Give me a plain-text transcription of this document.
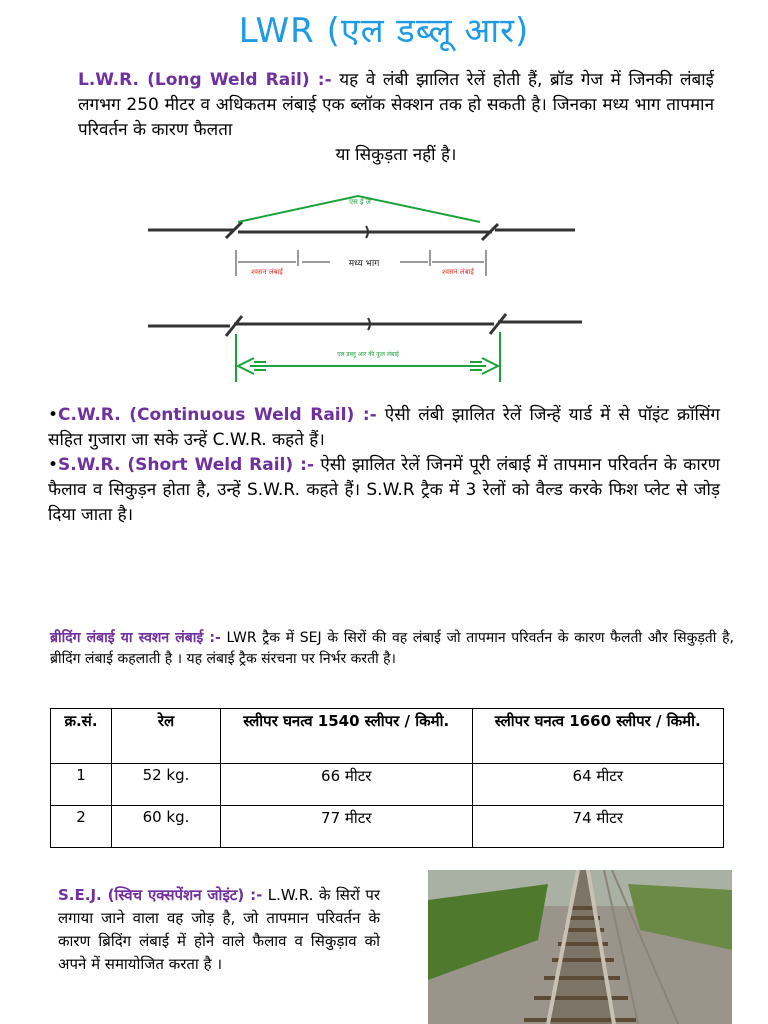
LWR (एल डब्लू आर)
L.W.R. (Long Weld Rail) :- यह वे लंबी झालित रेलें होती हैं, ब्रॉड गेज में जिनकी लंबाई लगभग 250 मीटर व अधिकतम लंबाई एक ब्लॉक सेक्शन तक हो सकती है। जिनका मध्य भाग तापमान परिवर्तन के कारण फैलता
या सिकुड़ता नहीं है।
एस ई जे
श्वसन लंबाई
मध्य भाग
श्वसन लंबाई
एल डब्लू आर की कुल लंबाई

•C.W.R. (Continuous Weld Rail) :- ऐसी लंबी झालित रेलें जिन्हें यार्ड में से पॉइंट क्रॉसिंग सहित गुजारा जा सके उन्हें C.W.R. कहते हैं।

•S.W.R. (Short Weld Rail) :- ऐसी झालित रेलें जिनमें पूरी लंबाई में तापमान परिवर्तन के कारण फैलाव व सिकुड़न होता है, उन्हें S.W.R. कहते हैं। S.W.R ट्रैक में 3 रेलों को वैल्ड करके फिश प्लेट से जोड़ दिया जाता है।

ब्रीदिंग लंबाई या स्वशन लंबाई :- LWR ट्रैक में SEJ के सिरों की वह लंबाई जो तापमान परिवर्तन के कारण फैलती और सिकुड़ती है, ब्रीदिंग लंबाई कहलाती है । यह लंबाई ट्रैक संरचना पर निर्भर करती है।
क्र.सं.	रेल	स्लीपर घनत्व 1540 स्लीपर / किमी.	स्लीपर घनत्व 1660 स्लीपर / किमी.
1	52 kg.	66 मीटर	64 मीटर
2	60 kg.	77 मीटर	74 मीटर
S.E.J. (स्विच एक्सपेंशन जोइंट) :- L.W.R. के सिरों पर लगाया जाने वाला वह जोड़ है, जो तापमान परिवर्तन के कारण ब्रिदिंग लंबाई में होने वाले फैलाव व सिकुड़ाव को अपने में समायोजित करता है ।
